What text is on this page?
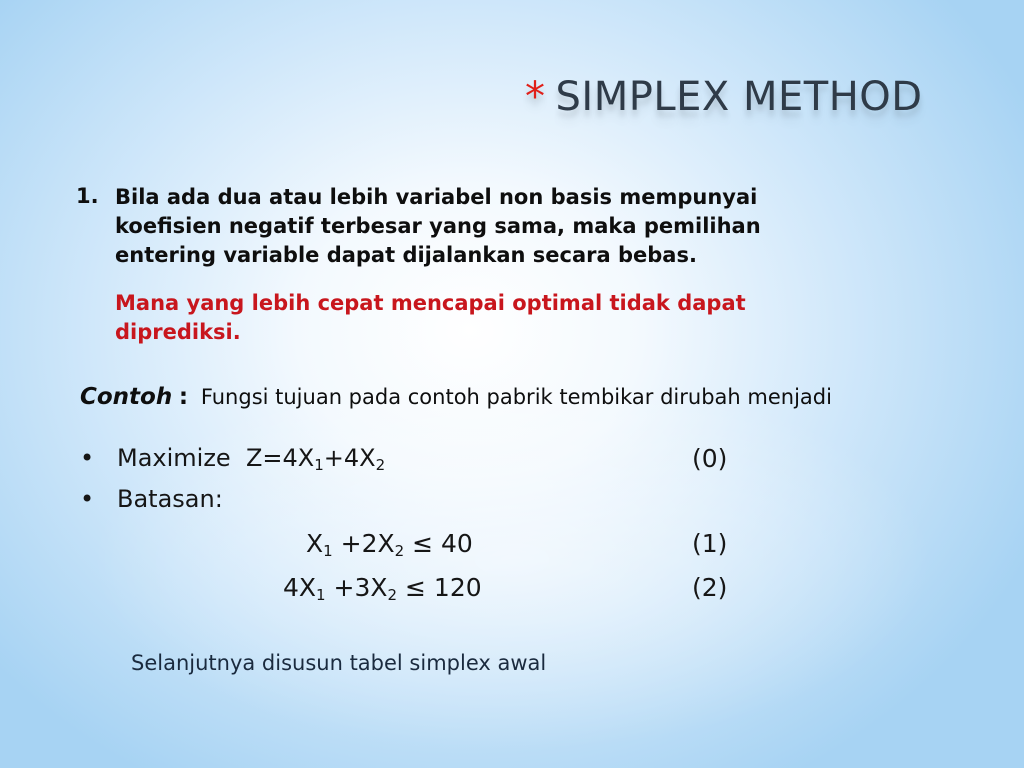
* SIMPLEX METHOD
1. Bila ada dua atau lebih variabel non basis mempunyai
koefisien negatif terbesar yang sama, maka pemilihan
entering variable dapat dijalankan secara bebas.
Mana yang lebih cepat mencapai optimal tidak dapat
diprediksi.
Contoh : Fungsi tujuan pada contoh pabrik tembikar dirubah menjadi
• Maximize $Z=4X_1+4X_2$	(0)
• Batasan:
$X_1 +2X_2 \le 40$	(1)
$4X_1 +3X_2 \le 120$	(2)
Selanjutnya disusun tabel simplex awal
